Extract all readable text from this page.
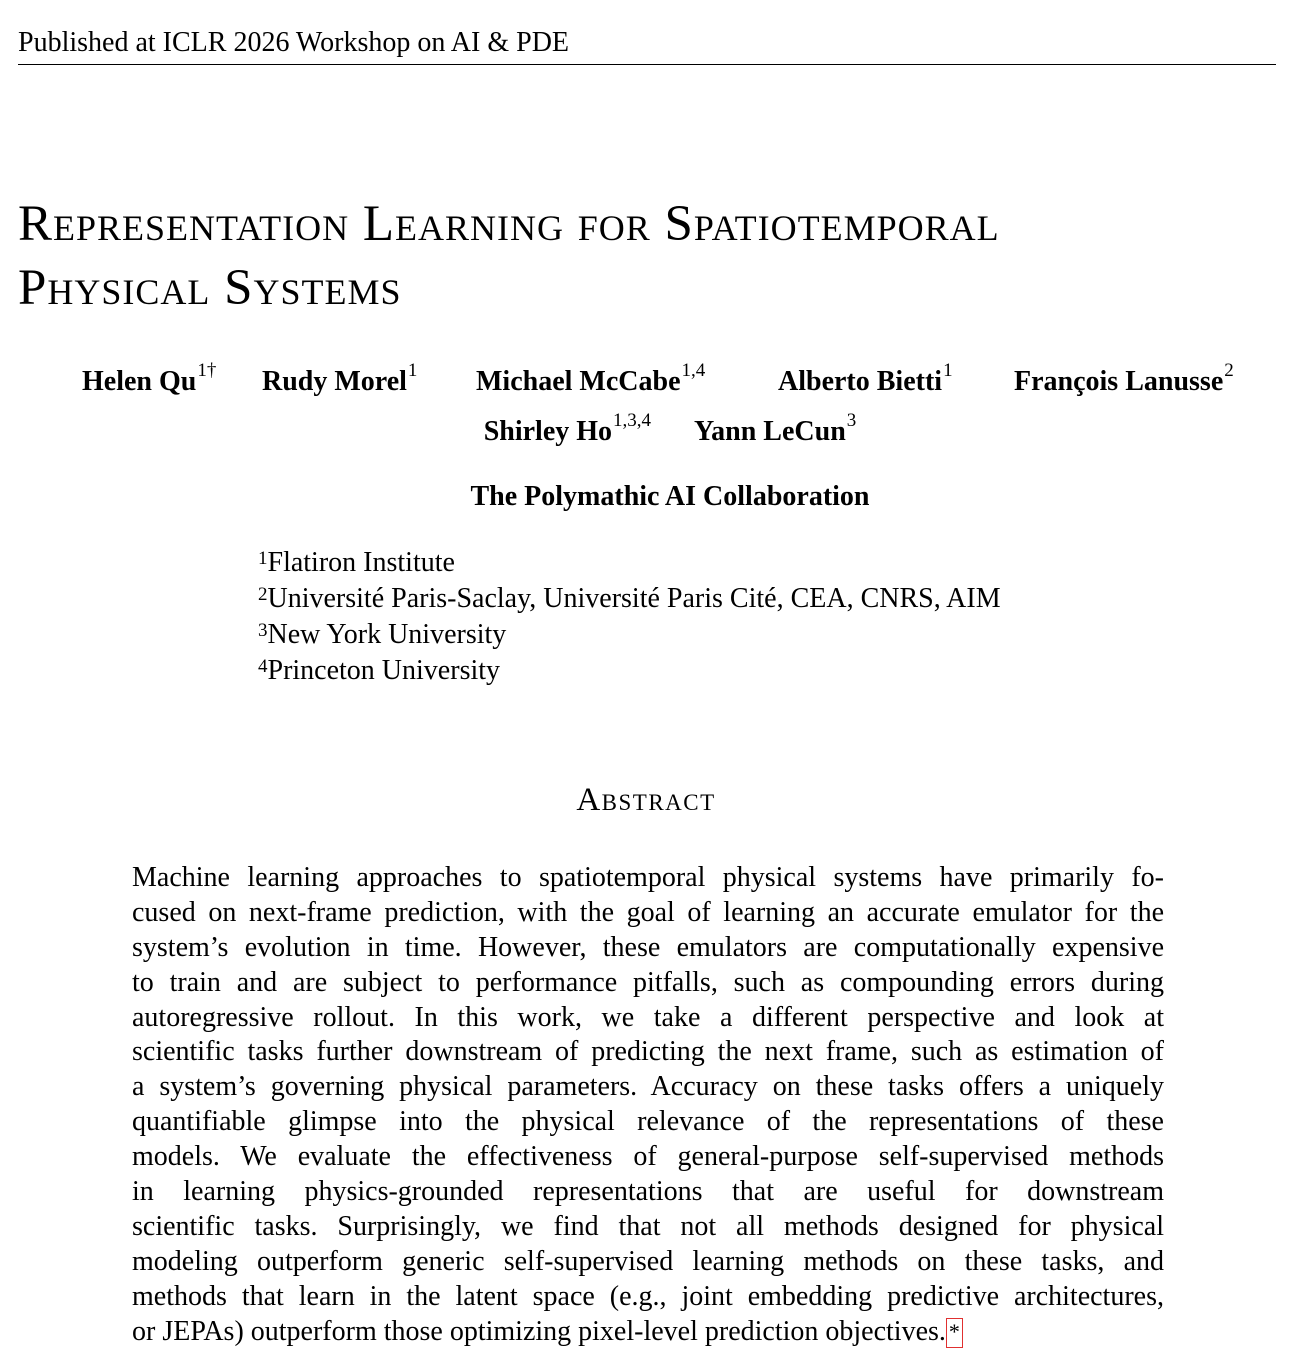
Published at ICLR 2026 Workshop on AI & PDE
Representation Learning for Spatiotemporal
Physical Systems
Helen $Qu^{1\dagger}$ Rudy Morel$^1$ Michael McCabe$^{1,4}$	Alberto Bietti$^1$ François Lanusse$^2$
Shirley Ho$^{1,3,4}$ Yann LeCun$^3$
The Polymathic AI Collaboration
$^1$Flatiron Institute
$^2$Université Paris-Saclay, Université Paris Cité, CEA, CNRS, AIM
$^3$New York University
$^4$Princeton University
Abstract
Machine learning approaches to spatiotemporal physical systems have primarily fo-
cused on next-frame prediction, with the goal of learning an accurate emulator for the
system’s evolution in time. However, these emulators are computationally expensive
to train and are subject to performance pitfalls, such as compounding errors during
autoregressive rollout. In this work, we take a different perspective and look at
scientific tasks further downstream of predicting the next frame, such as estimation of
a system’s governing physical parameters. Accuracy on these tasks offers a uniquely
quantifiable glimpse into the physical relevance of the representations of these
models. We evaluate the effectiveness of general-purpose self-supervised methods
in learning physics-grounded representations that are useful for downstream
scientific tasks. Surprisingly, we find that not all methods designed for physical
modeling outperform generic self-supervised learning methods on these tasks, and
methods that learn in the latent space (e.g., joint embedding predictive architectures,
or JEPAs) outperform those optimizing pixel-level prediction objectives. *
